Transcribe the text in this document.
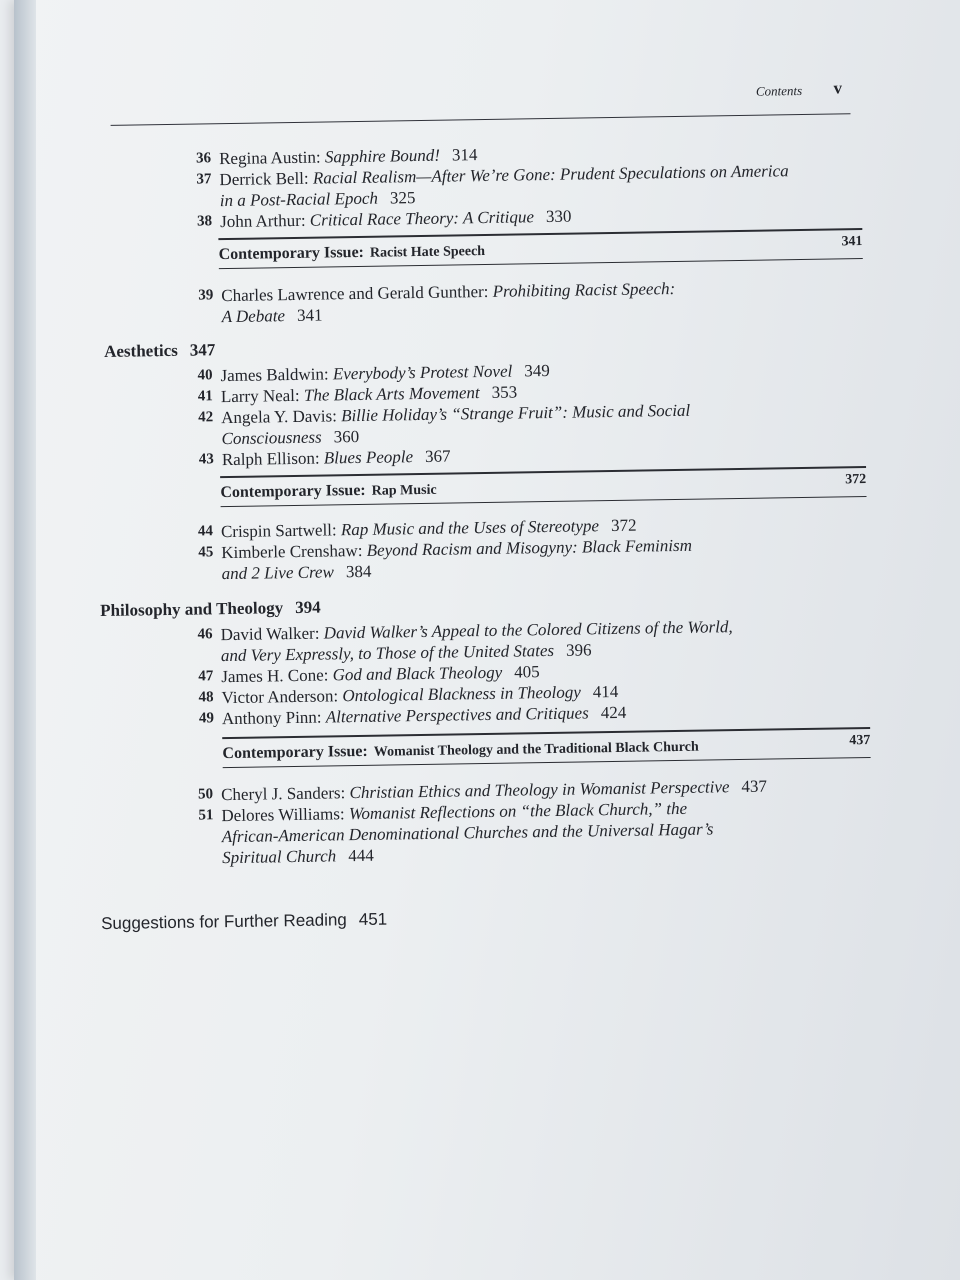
Contents v
36 Regina Austin: Sapphire Bound! 314
37 Derrick Bell: Racial Realism—After We’re Gone: Prudent Speculations on America
in a Post-Racial Epoch 325
38 John Arthur: Critical Race Theory: A Critique 330
Contemporary Issue: Racist Hate Speech
341
39 Charles Lawrence and Gerald Gunther: Prohibiting Racist Speech:
A Debate 341
Aesthetics 347
40 James Baldwin: Everybody’s Protest Novel 349
41 Larry Neal: The Black Arts Movement 353
42 Angela Y. Davis: Billie Holiday’s “Strange Fruit”: Music and Social
Consciousness 360
43 Ralph Ellison: Blues People 367
Contemporary Issue: Rap Music
372
44 Crispin Sartwell: Rap Music and the Uses of Stereotype 372
45 Kimberle Crenshaw: Beyond Racism and Misogyny: Black Feminism
and 2 Live Crew 384
Philosophy and Theology 394
46 David Walker: David Walker’s Appeal to the Colored Citizens of the World,
and Very Expressly, to Those of the United States 396
47 James H. Cone: God and Black Theology 405
48 Victor Anderson: Ontological Blackness in Theology 414
49 Anthony Pinn: Alternative Perspectives and Critiques 424
Contemporary Issue: Womanist Theology and the Traditional Black Church	437
50 Cheryl J. Sanders: Christian Ethics and Theology in Womanist Perspective 437
51 Delores Williams: Womanist Reflections on “the Black Church,” the
African-American Denominational Churches and the Universal Hagar’s
Spiritual Church 444
Suggestions for Further Reading 451
